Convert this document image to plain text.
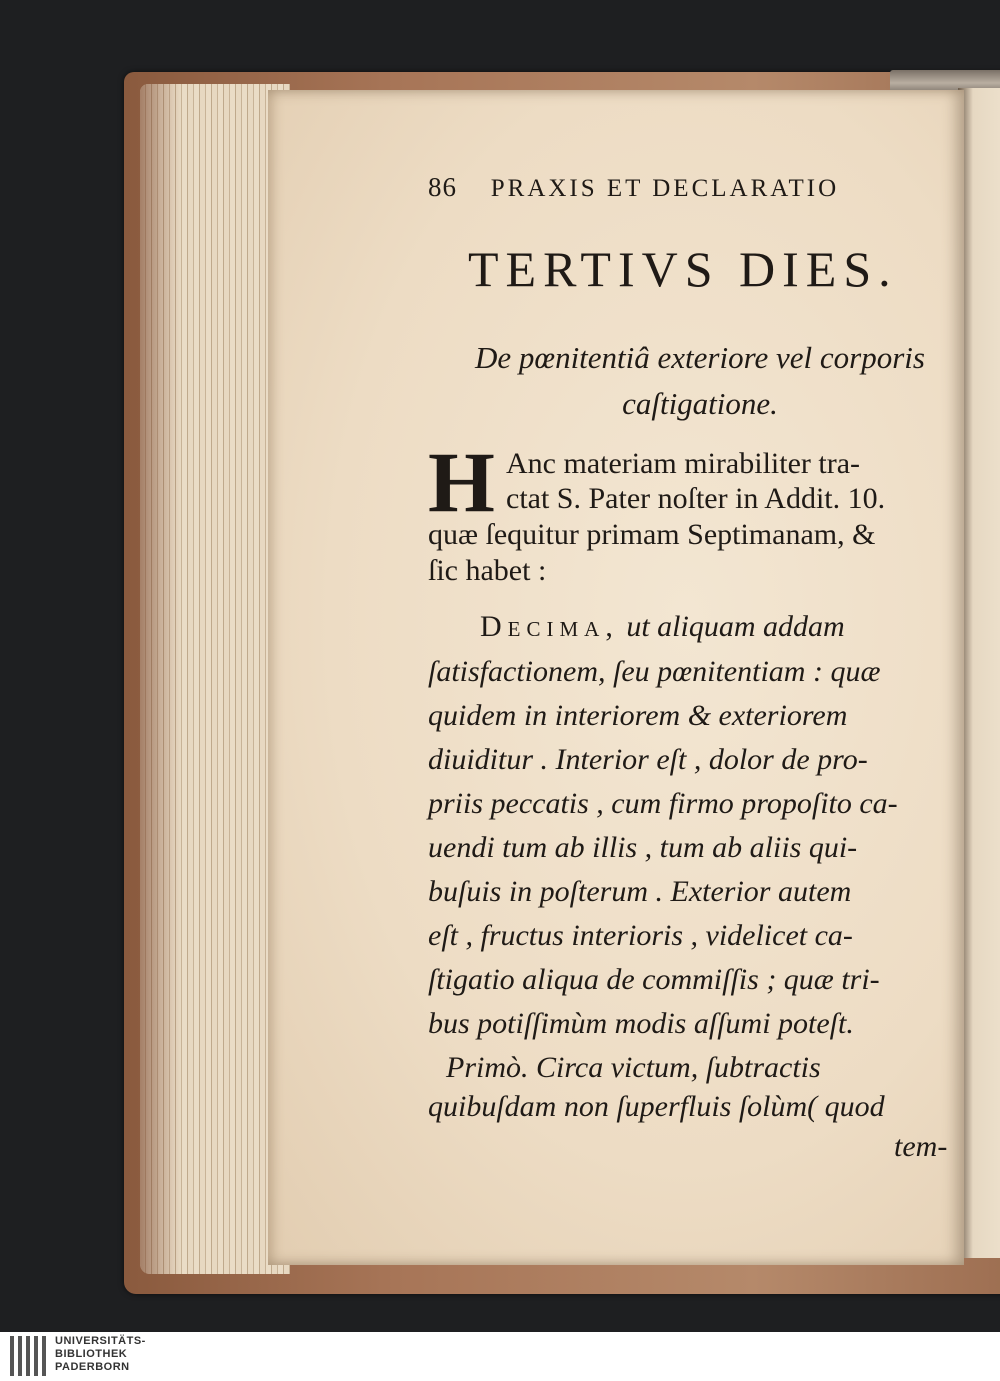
86 PRAXIS ET DECLARATIO
TERTIVS DIES.
De pœnitentiâ exteriore vel corporis
caſtigatione.
H Anc materiam mirabiliter tra-
ctat S. Pater noſter in Addit. 10.
quæ ſequitur primam Septimanam, &
ſic habet :
Decima, ut aliquam addam
ſatisfactionem, ſeu pœnitentiam : quæ
quidem in interiorem & exteriorem
diuiditur . Interior eſt , dolor de pro-
priis peccatis , cum firmo propoſito ca-
uendi tum ab illis , tum ab aliis qui-
buſuis in poſterum . Exterior autem
eſt , fructus interioris , videlicet ca-
ſtigatio aliqua de commiſſis ; quæ tri-
bus potiſſimùm modis aſſumi poteſt.
Primò. Circa victum, ſubtractis
quibuſdam non ſuperfluis ſolùm( quod
tem-
UNIVERSITÄTS-
BIBLIOTHEK
PADERBORN
